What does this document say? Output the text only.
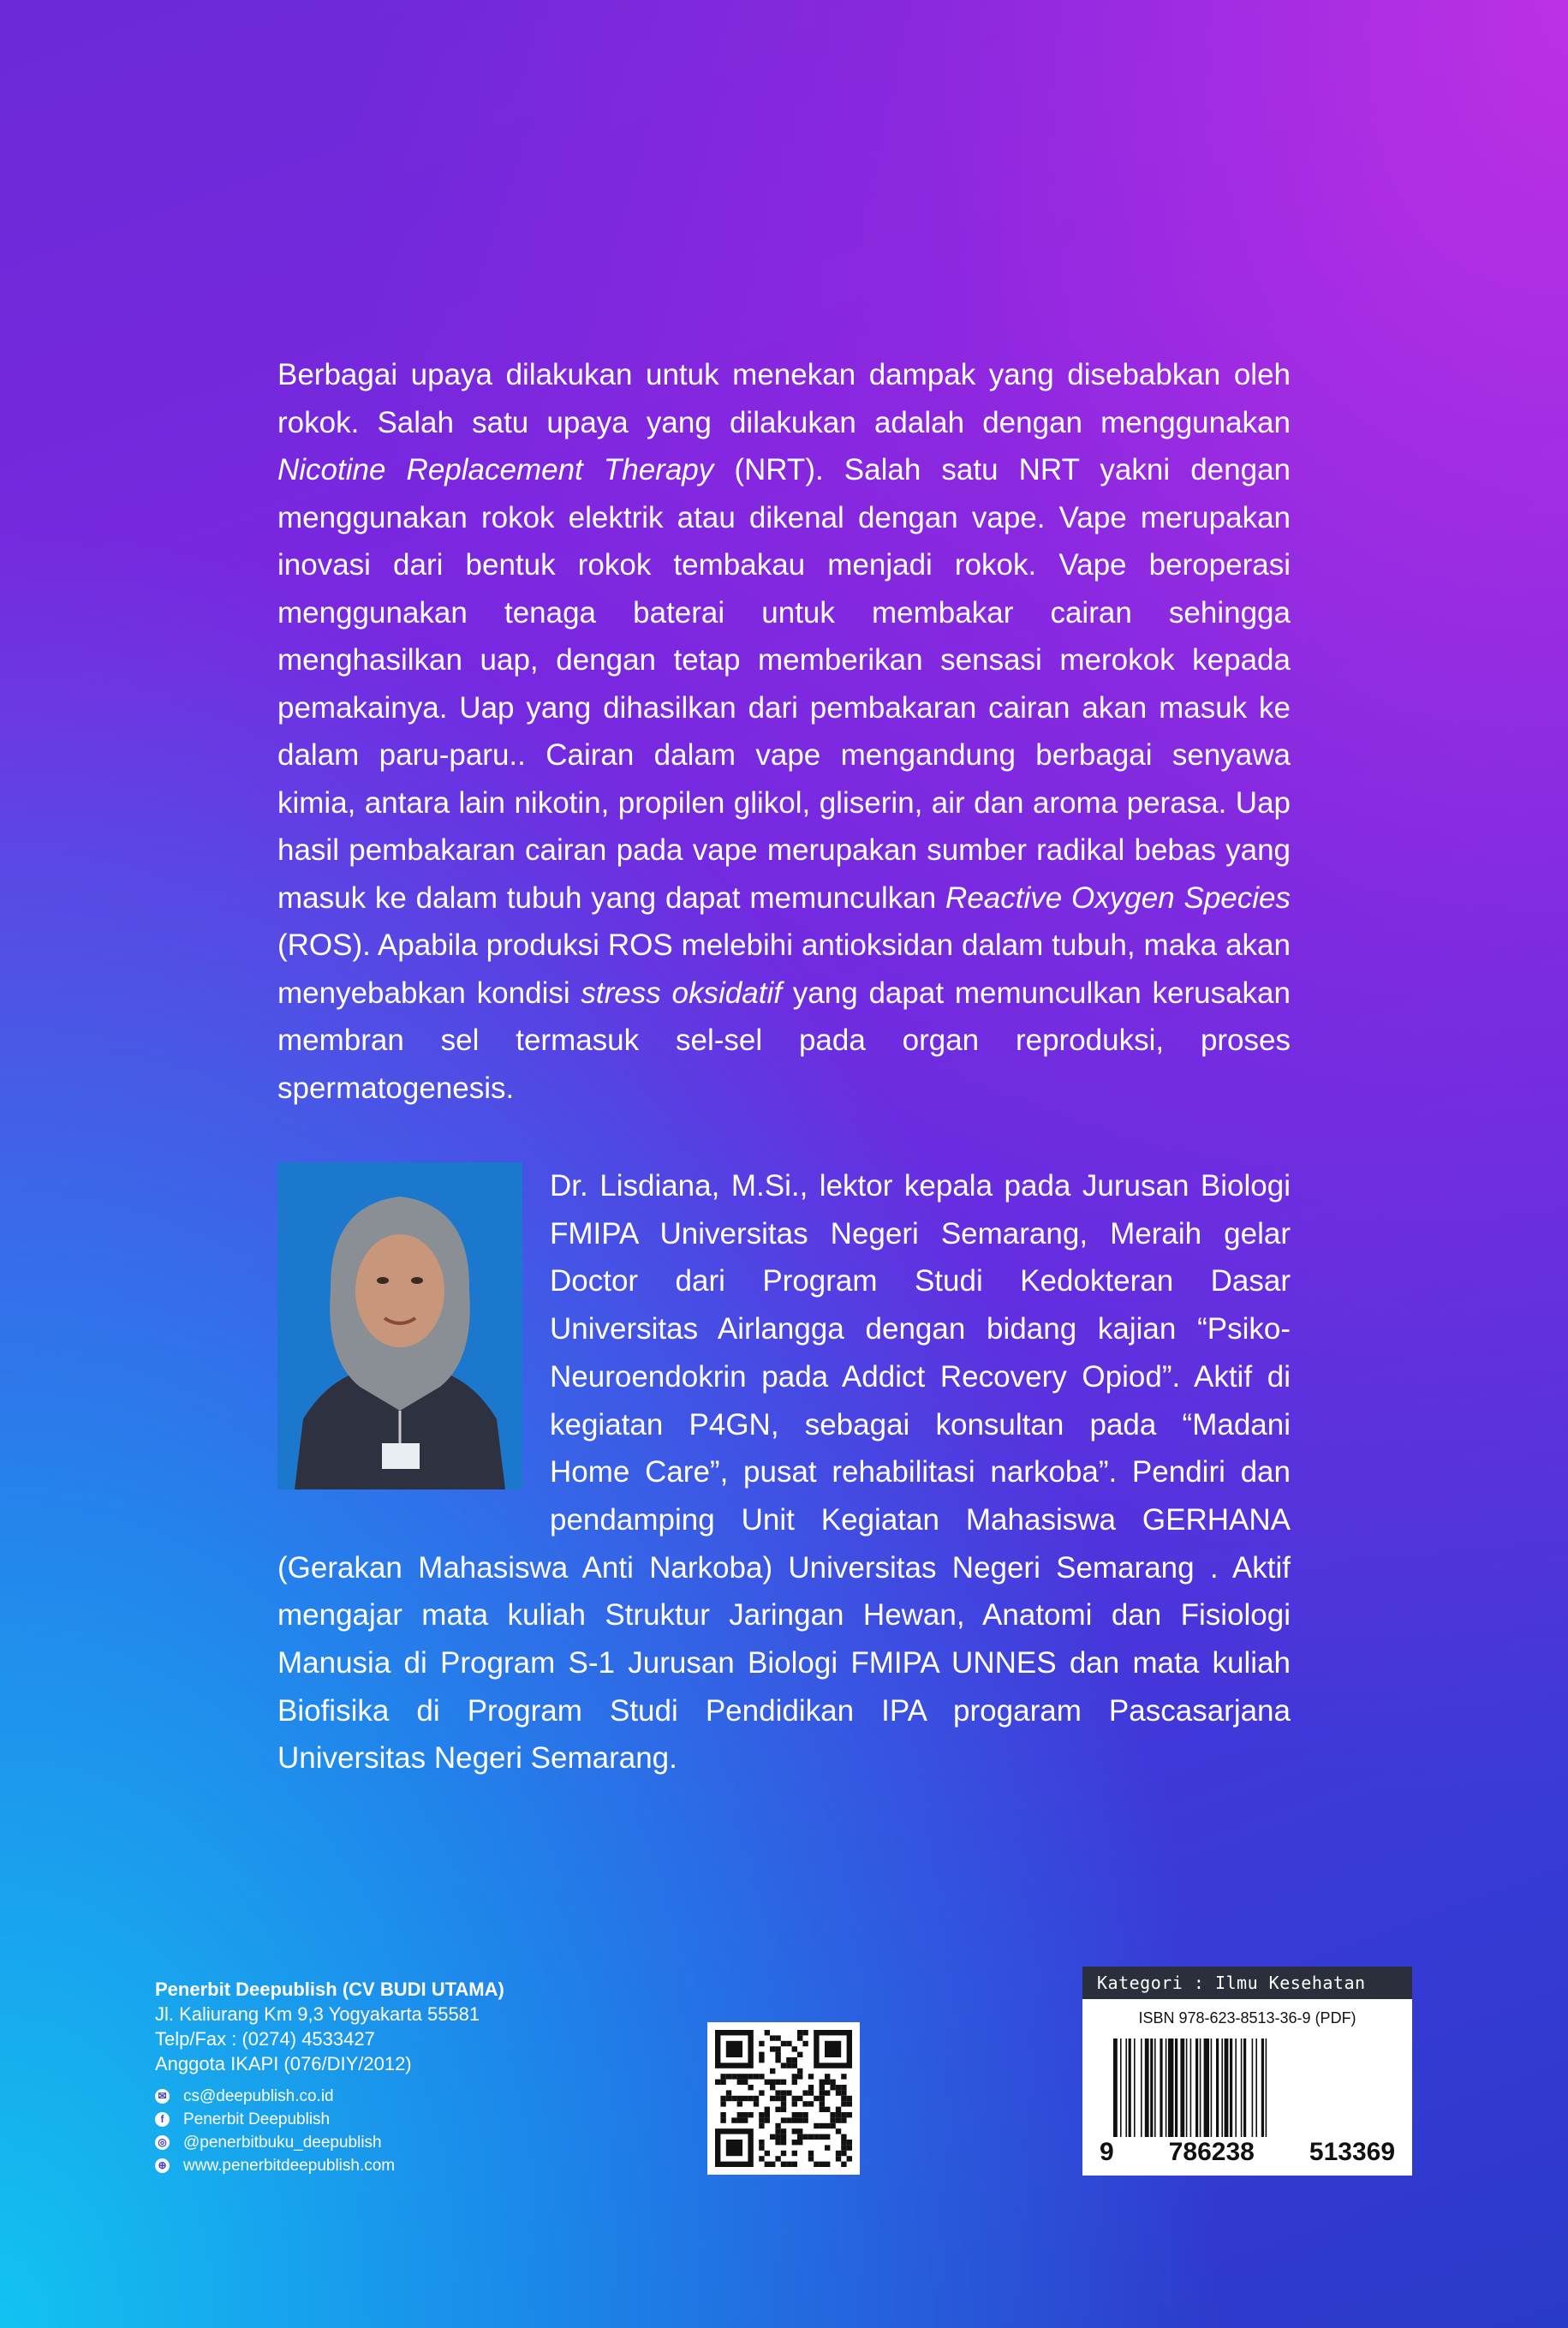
Berbagai upaya dilakukan untuk menekan dampak yang disebabkan oleh rokok. Salah satu upaya yang dilakukan adalah dengan menggunakan Nicotine Replacement Therapy (NRT). Salah satu NRT yakni dengan menggunakan rokok elektrik atau dikenal dengan vape. Vape merupakan inovasi dari bentuk rokok tembakau menjadi rokok. Vape beroperasi menggunakan tenaga baterai untuk membakar cairan sehingga menghasilkan uap, dengan tetap memberikan sensasi merokok kepada pemakainya. Uap yang dihasilkan dari pembakaran cairan akan masuk ke dalam paru-paru.. Cairan dalam vape mengandung berbagai senyawa kimia, antara lain nikotin, propilen glikol, gliserin, air dan aroma perasa. Uap hasil pembakaran cairan pada vape merupakan sumber radikal bebas yang masuk ke dalam tubuh yang dapat memunculkan Reactive Oxygen Species (ROS). Apabila produksi ROS melebihi antioksidan dalam tubuh, maka akan menyebabkan kondisi stress oksidatif yang dapat memunculkan kerusakan membran sel termasuk sel-sel pada organ reproduksi, proses spermatogenesis.

Dr. Lisdiana, M.Si., lektor kepala pada Jurusan Biologi FMIPA Universitas Negeri Semarang, Meraih gelar Doctor dari Program Studi Kedokteran Dasar Universitas Airlangga dengan bidang kajian “Psiko-Neuroendokrin pada Addict Recovery Opiod”. Aktif di kegiatan P4GN, sebagai konsultan pada “Madani Home Care”, pusat rehabilitasi narkoba”. Pendiri dan pendamping Unit Kegiatan Mahasiswa GERHANA (Gerakan Mahasiswa Anti Narkoba) Universitas Negeri Semarang . Aktif mengajar mata kuliah Struktur Jaringan Hewan, Anatomi dan Fisiologi Manusia di Program S-1 Jurusan Biologi FMIPA UNNES dan mata kuliah Biofisika di Program Studi Pendidikan IPA progaram Pascasarjana Universitas Negeri Semarang.

Penerbit Deepublish (CV BUDI UTAMA)
Jl. Kaliurang Km 9,3 Yogyakarta 55581
Telp/Fax : (0274) 4533427
Anggota IKAPI (076/DIY/2012)
✉ cs@deepublish.co.id
f	Penerbit Deepublish
◎ @penerbitbuku_deepublish
⊕ www.penerbitdeepublish.com
Kategori : Ilmu Kesehatan
ISBN 978-623-8513-36-9 (PDF)
9 786238 513369
